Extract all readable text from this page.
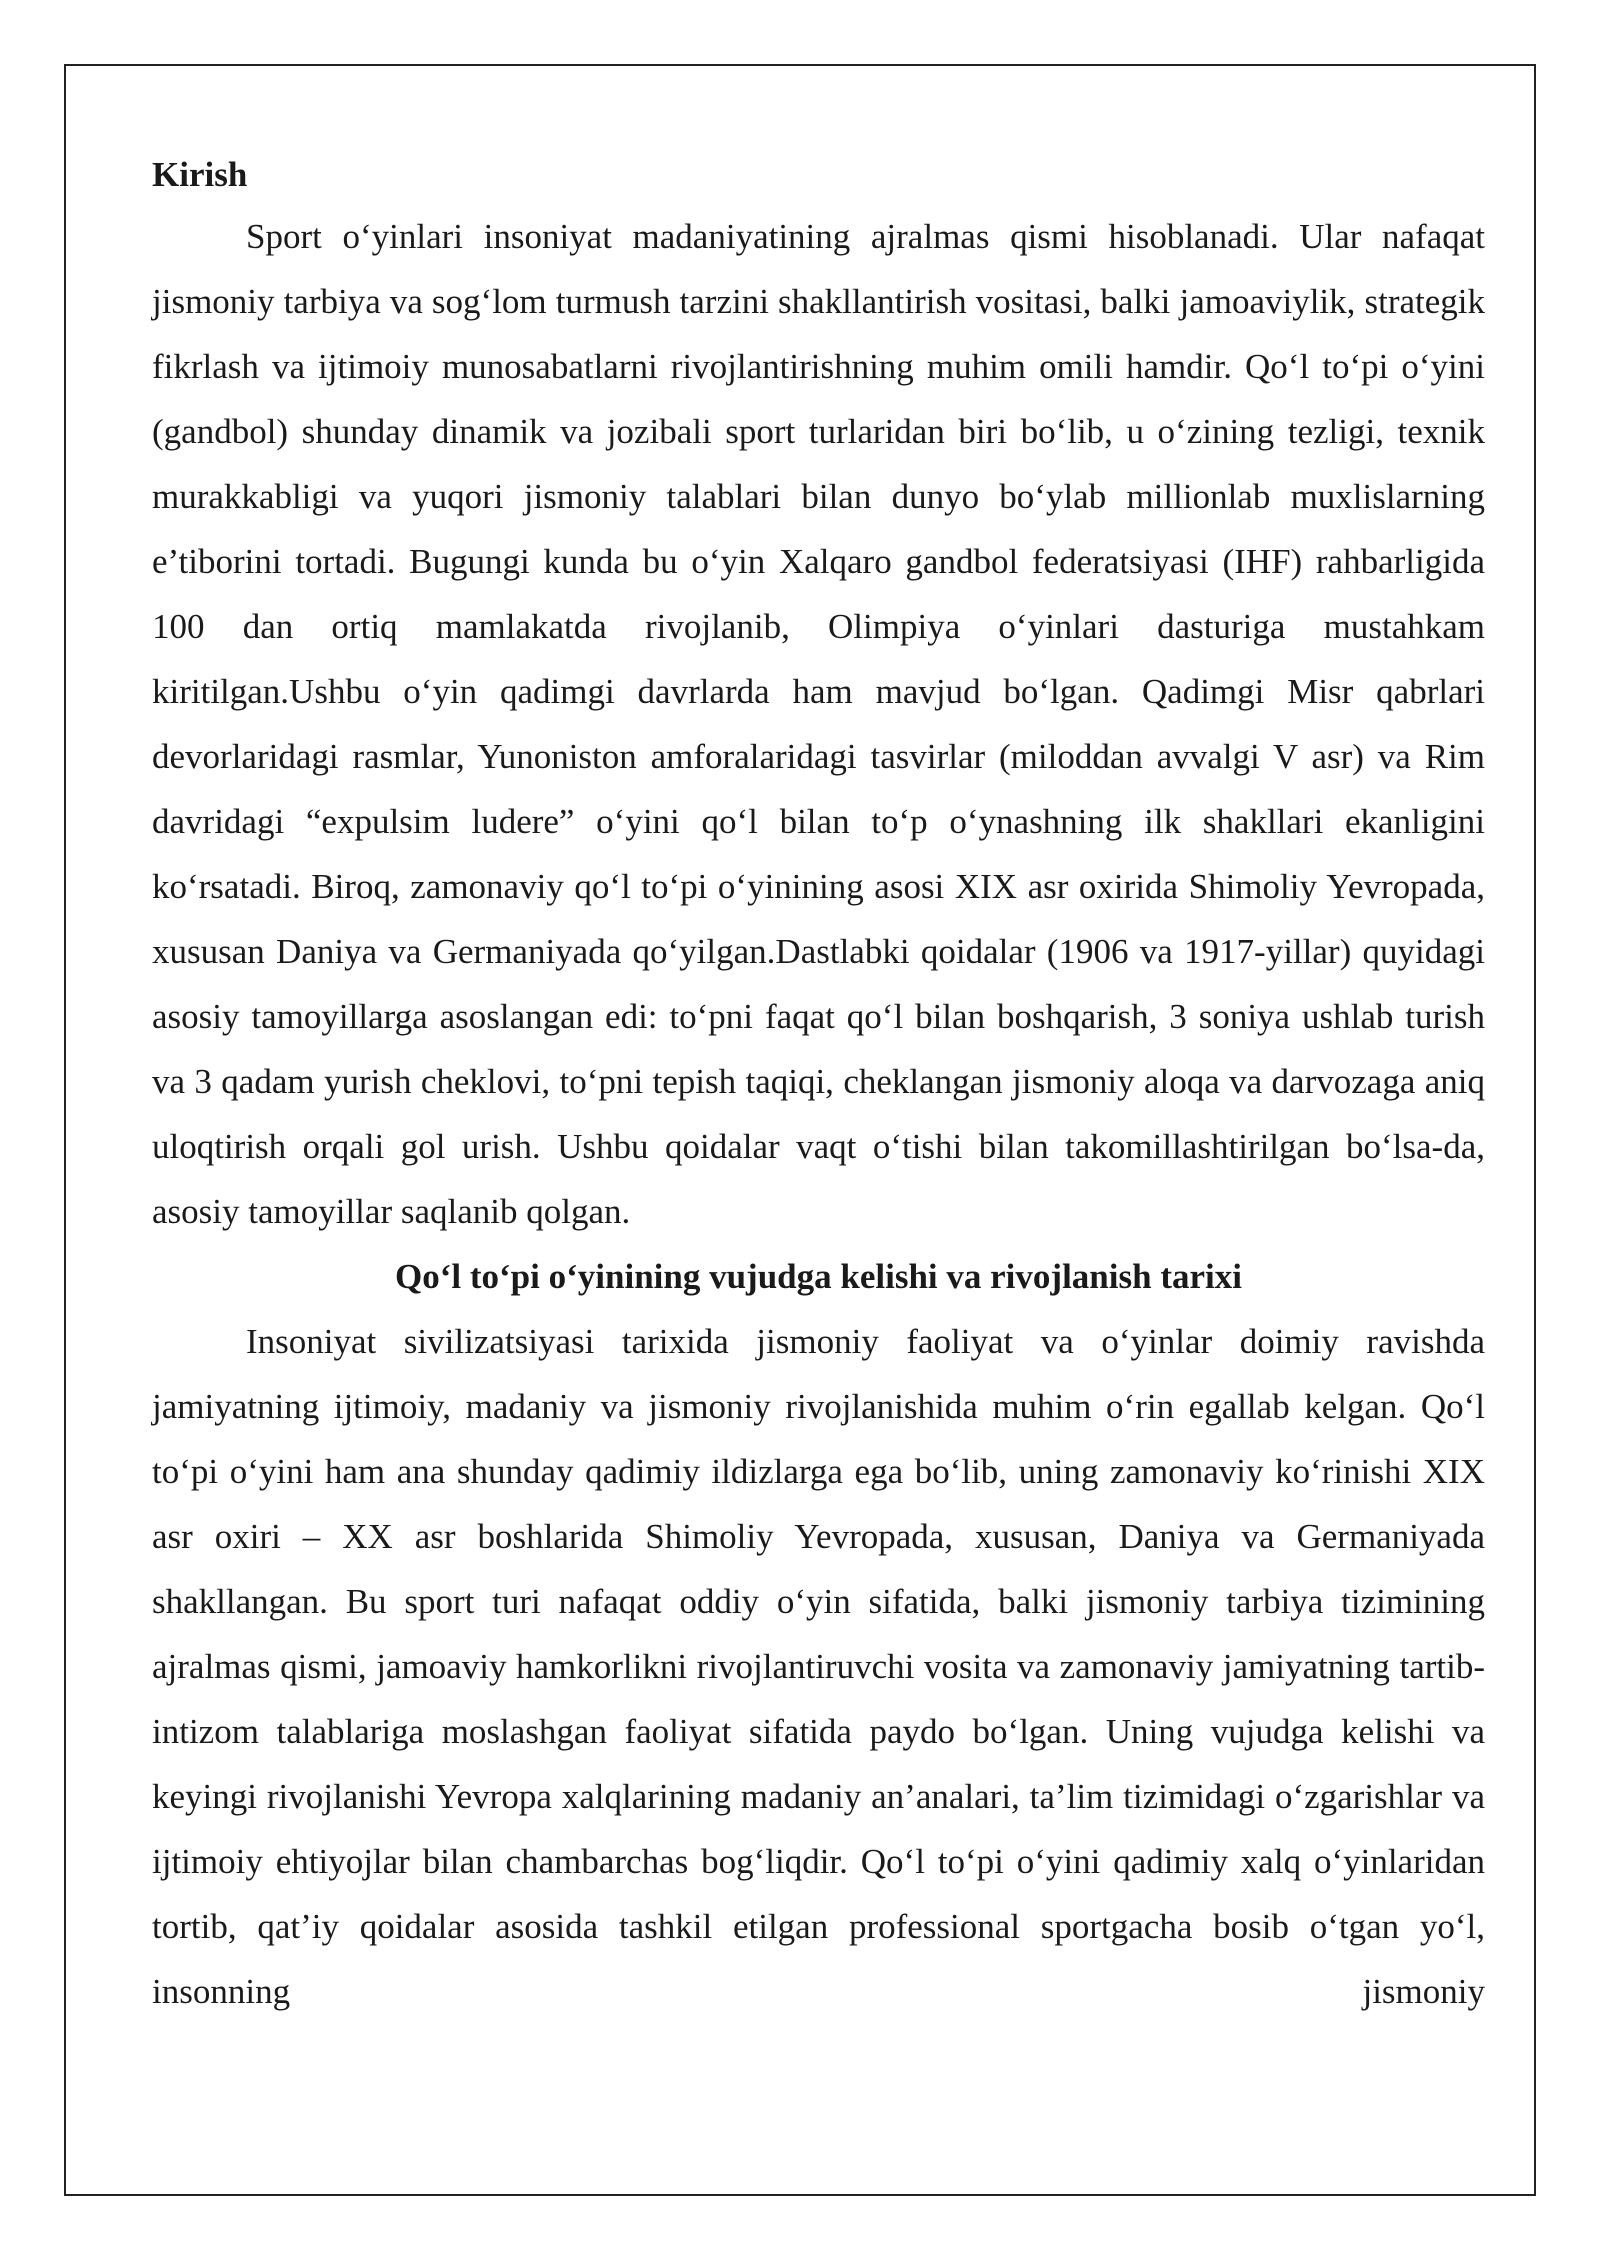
Kirish

Sport o‘yinlari insoniyat madaniyatining ajralmas qismi hisoblanadi. Ular nafaqat jismoniy tarbiya va sog‘lom turmush tarzini shakllantirish vositasi, balki jamoaviylik, strategik fikrlash va ijtimoiy munosabatlarni rivojlantirishning muhim omili hamdir. Qo‘l to‘pi o‘yini (gandbol) shunday dinamik va jozibali sport turlaridan biri bo‘lib, u o‘zining tezligi, texnik murakkabligi va yuqori jismoniy talablari bilan dunyo bo‘ylab millionlab muxlislarning e’tiborini tortadi. Bugungi kunda bu o‘yin Xalqaro gandbol federatsiyasi (IHF) rahbarligida 100 dan ortiq mamlakatda rivojlanib, Olimpiya o‘yinlari dasturiga mustahkam kiritilgan.Ushbu o‘yin qadimgi davrlarda ham mavjud bo‘lgan. Qadimgi Misr qabrlari devorlaridagi rasmlar, Yunoniston amforalaridagi tasvirlar (miloddan avvalgi V asr) va Rim davridagi “expulsim ludere” o‘yini qo‘l bilan to‘p o‘ynashning ilk shakllari ekanligini ko‘rsatadi. Biroq, zamonaviy qo‘l to‘pi o‘yinining asosi XIX asr oxirida Shimoliy Yevropada, xususan Daniya va Germaniyada qo‘yilgan.Dastlabki qoidalar (1906 va 1917-yillar) quyidagi asosiy tamoyillarga asoslangan edi: to‘pni faqat qo‘l bilan boshqarish, 3 soniya ushlab turish va 3 qadam yurish cheklovi, to‘pni tepish taqiqi, cheklangan jismoniy aloqa va darvozaga aniq uloqtirish orqali gol urish. Ushbu qoidalar vaqt o‘tishi bilan takomillashtirilgan bo‘lsa-da, asosiy tamoyillar saqlanib qolgan.

Qo‘l to‘pi o‘yinining vujudga kelishi va rivojlanish tarixi

Insoniyat sivilizatsiyasi tarixida jismoniy faoliyat va o‘yinlar doimiy ravishda jamiyatning ijtimoiy, madaniy va jismoniy rivojlanishida muhim o‘rin egallab kelgan. Qo‘l to‘pi o‘yini ham ana shunday qadimiy ildizlarga ega bo‘lib, uning zamonaviy ko‘rinishi XIX asr oxiri – XX asr boshlarida Shimoliy Yevropada, xususan, Daniya va Germaniyada shakllangan. Bu sport turi nafaqat oddiy o‘yin sifatida, balki jismoniy tarbiya tizimining ajralmas qismi, jamoaviy hamkorlikni rivojlantiruvchi vosita va zamonaviy jamiyatning tartib-intizom talablariga moslashgan faoliyat sifatida paydo bo‘lgan. Uning vujudga kelishi va keyingi rivojlanishi Yevropa xalqlarining madaniy an’analari, ta’lim tizimidagi o‘zgarishlar va ijtimoiy ehtiyojlar bilan chambarchas bog‘liqdir. Qo‘l to‘pi o‘yini qadimiy xalq o‘yinlaridan tortib, qat’iy qoidalar asosida tashkil etilgan professional sportgacha bosib o‘tgan yo‘l, insonning jismoniy
